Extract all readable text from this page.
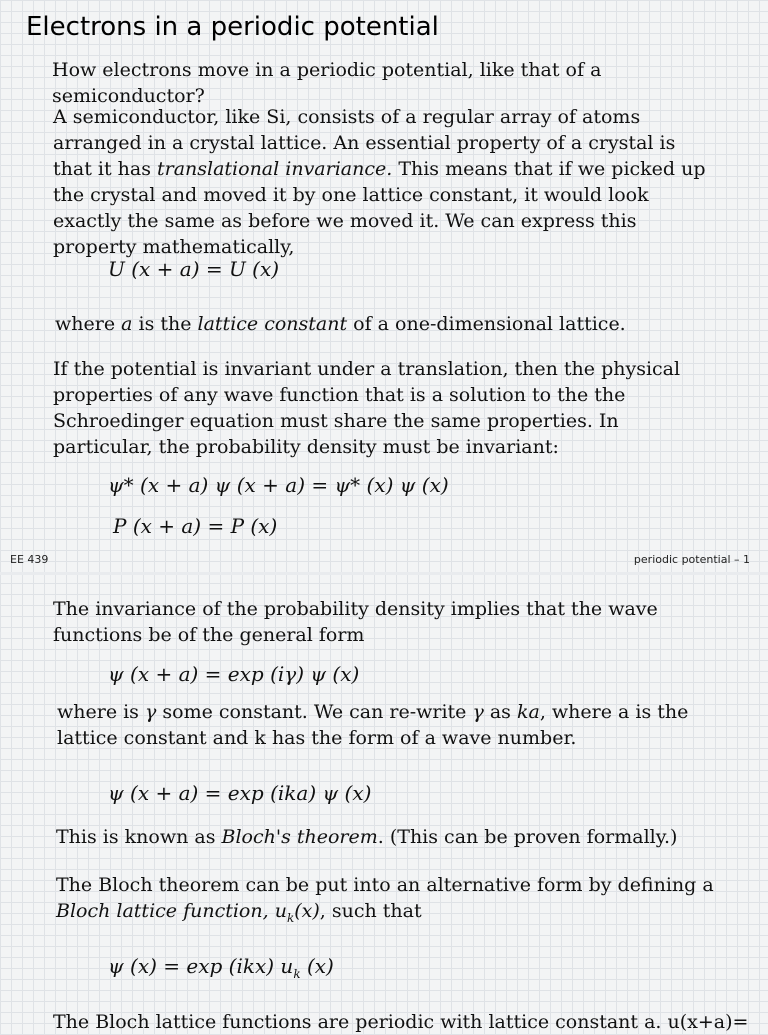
Electrons in a periodic potential
How electrons move in a periodic potential, like that of a semiconductor?
A semiconductor, like Si, consists of a regular array of atoms arranged in a crystal lattice. An essential property of a crystal is that it has translational invariance. This means that if we picked up the crystal and moved it by one lattice constant, it would look exactly the same as before we moved it. We can express this property mathematically,
U (x + a) = U (x)
where a is the lattice constant of a one-dimensional lattice.
If the potential is invariant under a translation, then the physical properties of any wave function that is a solution to the the Schroedinger equation must share the same properties. In particular, the probability density must be invariant:
ψ* (x + a) ψ (x + a) = ψ* (x) ψ (x)
P (x + a) = P (x)
EE 439	periodic potential – 1
The invariance of the probability density implies that the wave functions be of the general form
ψ (x + a) = exp (iγ) ψ (x)
where is γ some constant. We can re-write γ as ka, where a is the lattice constant and k has the form of a wave number.
ψ (x + a) = exp (ika) ψ (x)
This is known as Bloch's theorem. (This can be proven formally.)
The Bloch theorem can be put into an alternative form by defining a Bloch lattice function, $u_k(x)$, such that
ψ (x) = exp (ikx) $u_k$ (x)
The Bloch lattice functions are periodic with lattice constant a. u(x+a)=
